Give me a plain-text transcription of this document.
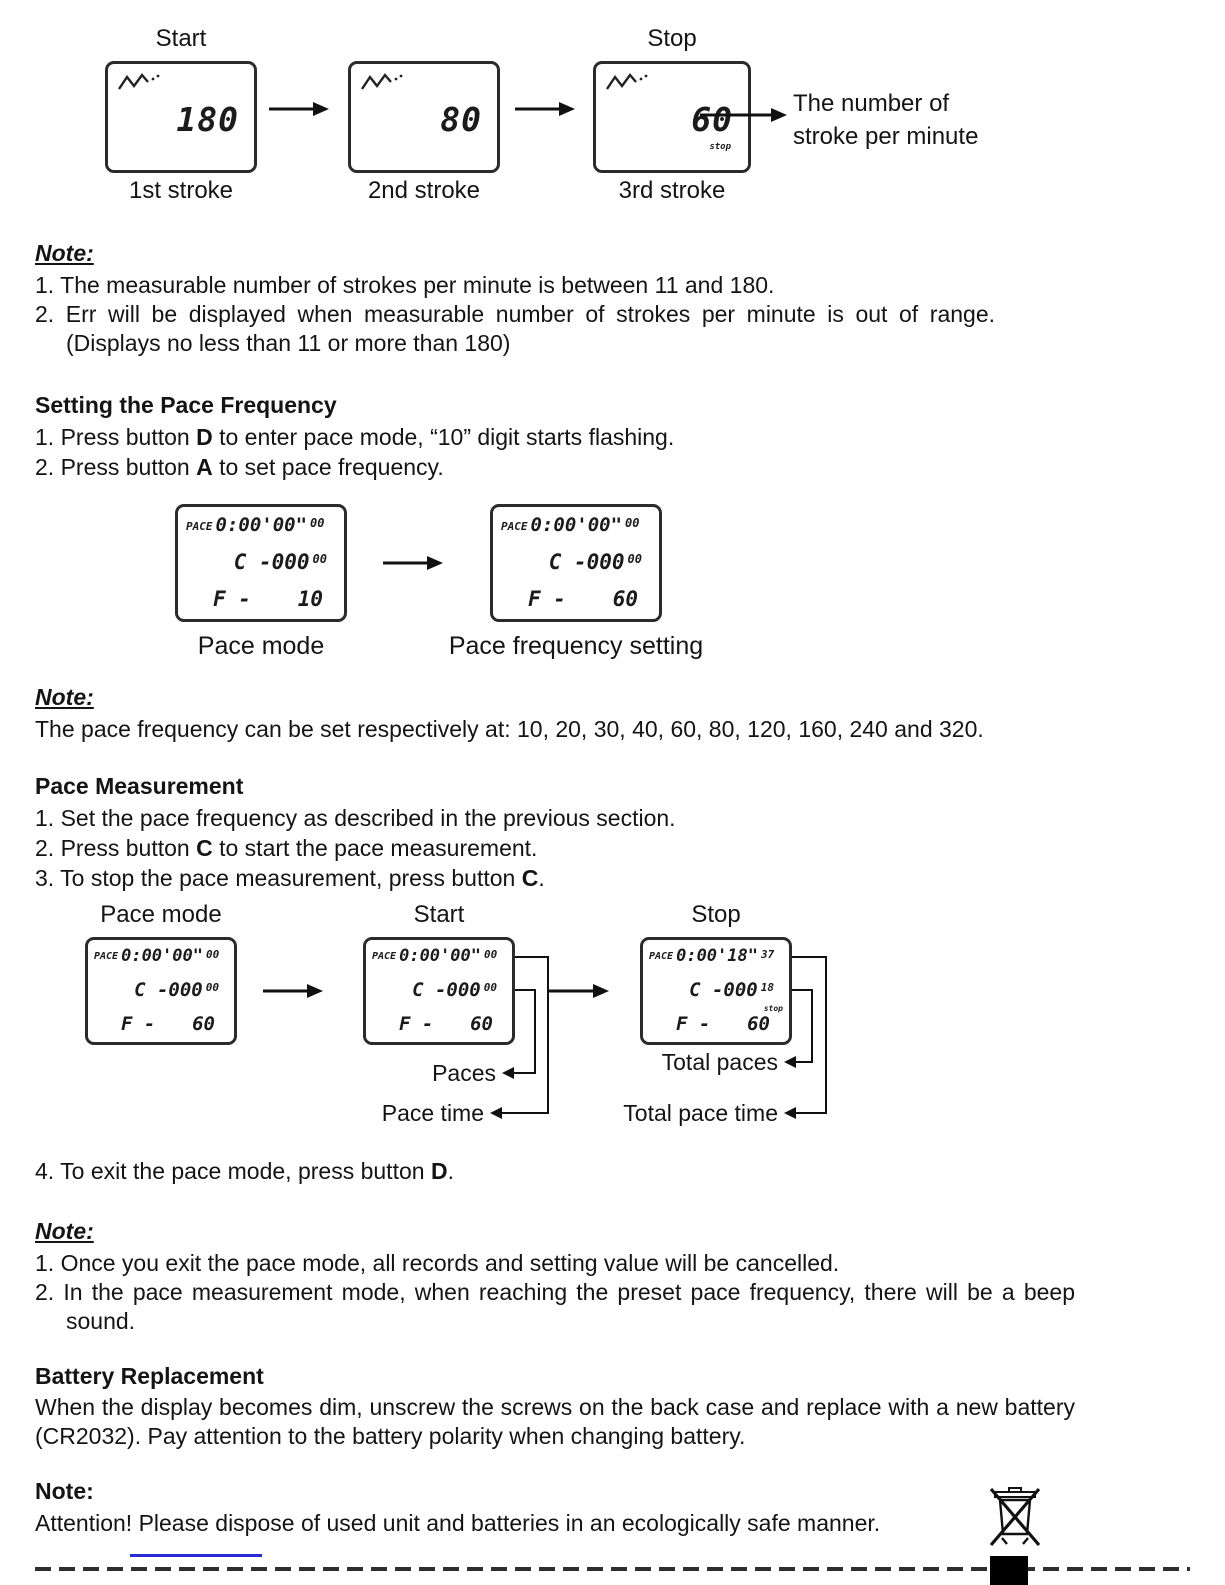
Start	Stop
180	80	60
stop
The number of
stroke per minute
1st stroke	2nd stroke	3rd stroke
Note:
1. The measurable number of strokes per minute is between 11 and 180.
2. Err will be displayed when measurable number of strokes per minute is out of range. (Displays no less than 11 or more than 180)
Setting the Pace Frequency
1. Press button D to enter pace mode, “10” digit starts flashing.
2. Press button A to set pace frequency.
PACE 0:00'00" 00
C -000 00
F - 10
PACE 0:00'00" 00
C -000 00
F - 60
Pace mode	Pace frequency setting
Note:
The pace frequency can be set respectively at: 10, 20, 30, 40, 60, 80, 120, 160, 240 and 320.
Pace Measurement
1. Set the pace frequency as described in the previous section.
2. Press button C to start the pace measurement.
3. To stop the pace measurement, press button C.
Pace mode	Start	Stop
PACE 0:00'00" 00
C -000 00
F - 60
PACE 0:00'00" 00
C -000 00
F - 60
PACE 0:00'18" 37
C -000 18
F - 60
stop
Paces
Pace time
Total paces
Total pace time
4. To exit the pace mode, press button D.
Note:
1. Once you exit the pace mode, all records and setting value will be cancelled.
2. In the pace measurement mode, when reaching the preset pace frequency, there will be a beep sound.
Battery Replacement
When the display becomes dim, unscrew the screws on the back case and replace with a new battery (CR2032). Pay attention to the battery polarity when changing battery.
Note:
Attention! Please dispose of used unit and batteries in an ecologically safe manner.
